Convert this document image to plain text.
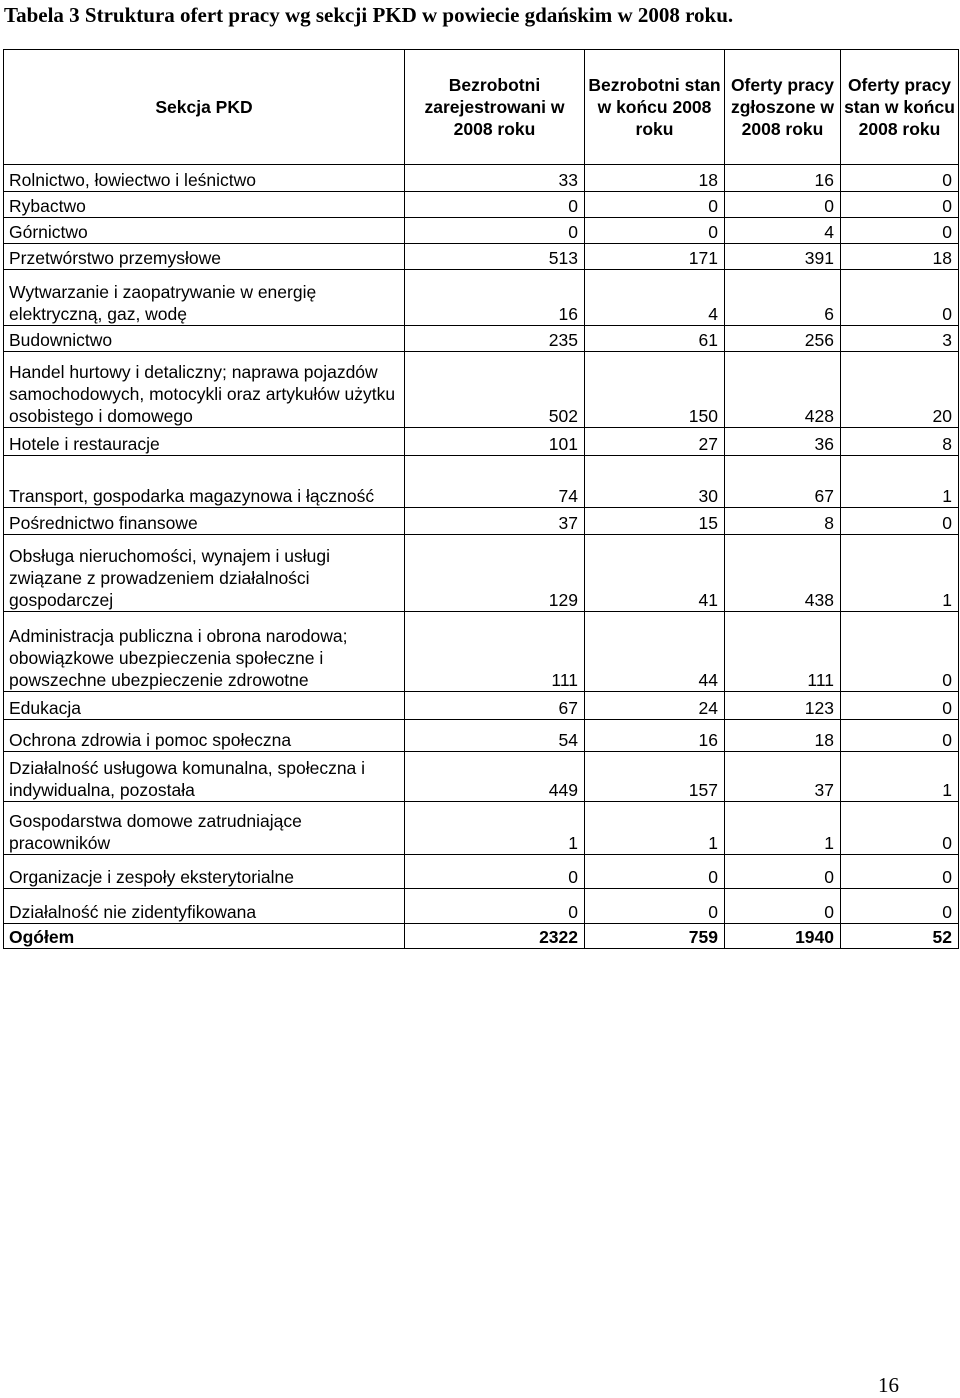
Tabela 3 Struktura ofert pracy wg sekcji PKD w powiecie gdańskim w 2008 roku.
Sekcja PKD	Bezrobotni zarejestrowani w 2008 roku	Bezrobotni stan w końcu 2008 roku	Oferty pracy zgłoszone w 2008 roku	Oferty pracy stan w końcu 2008 roku
Rolnictwo, łowiectwo i leśnictwo	33	18	16	0
Rybactwo	0	0	0	0
Górnictwo	0	0	4	0
Przetwórstwo przemysłowe	513	171	391	18
Wytwarzanie i zaopatrywanie w energię elektryczną, gaz, wodę	16	4	6	0
Budownictwo	235	61	256	3
Handel hurtowy i detaliczny; naprawa pojazdów samochodowych, motocykli oraz artykułów użytku osobistego i domowego	502	150	428	20
Hotele i restauracje	101	27	36	8
Transport, gospodarka magazynowa i łączność	74	30	67	1
Pośrednictwo finansowe	37	15	8	0
Obsługa nieruchomości, wynajem i usługi związane z prowadzeniem działalności gospodarczej	129	41	438	1
Administracja publiczna i obrona narodowa; obowiązkowe ubezpieczenia społeczne i powszechne ubezpieczenie zdrowotne	111	44	111	0
Edukacja	67	24	123	0
Ochrona zdrowia i pomoc społeczna	54	16	18	0
Działalność usługowa komunalna, społeczna i indywidualna, pozostała	449	157	37	1
Gospodarstwa domowe zatrudniające pracowników	1	1	1	0
Organizacje i zespoły eksterytorialne	0	0	0	0
Działalność nie zidentyfikowana	0	0	0	0
Ogółem	2322	759	1940	52
16
